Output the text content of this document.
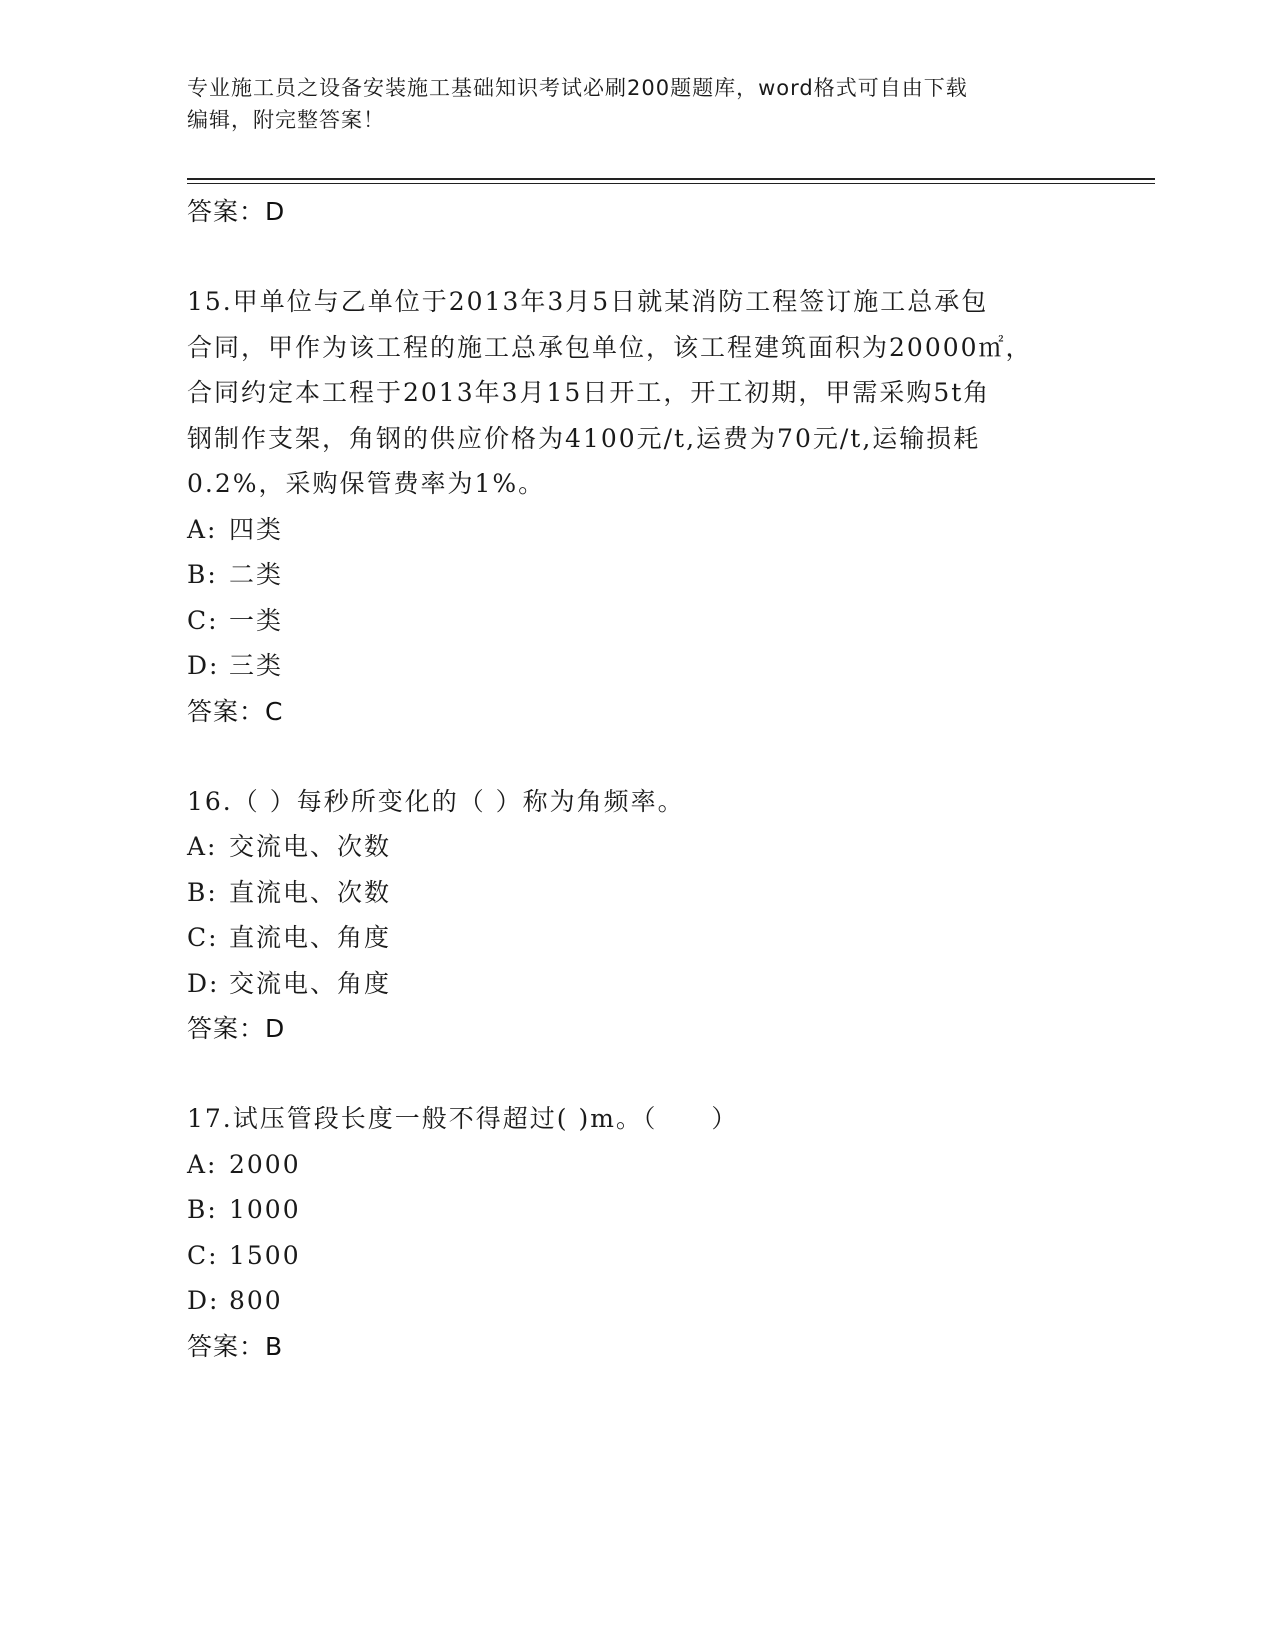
专业施工员之设备安装施工基础知识考试必刷200题题库，word格式可自由下载
编辑，附完整答案！
答案：D
15.甲单位与乙单位于2013年3月5日就某消防工程签订施工总承包
合同，甲作为该工程的施工总承包单位，该工程建筑面积为20000㎡，
合同约定本工程于2013年3月15日开工，开工初期，甲需采购5t角
钢制作支架，角钢的供应价格为4100元/t,运费为70元/t,运输损耗
0.2%，采购保管费率为1%。
A: 四类
B: 二类
C: 一类
D: 三类
答案：C
16.（ ）每秒所变化的（ ）称为角频率。
A: 交流电、次数
B: 直流电、次数
C: 直流电、角度
D: 交流电、角度
答案：D
17.试压管段长度一般不得超过( )m。（　　）
A: 2000
B: 1000
C: 1500
D: 800
答案：B
